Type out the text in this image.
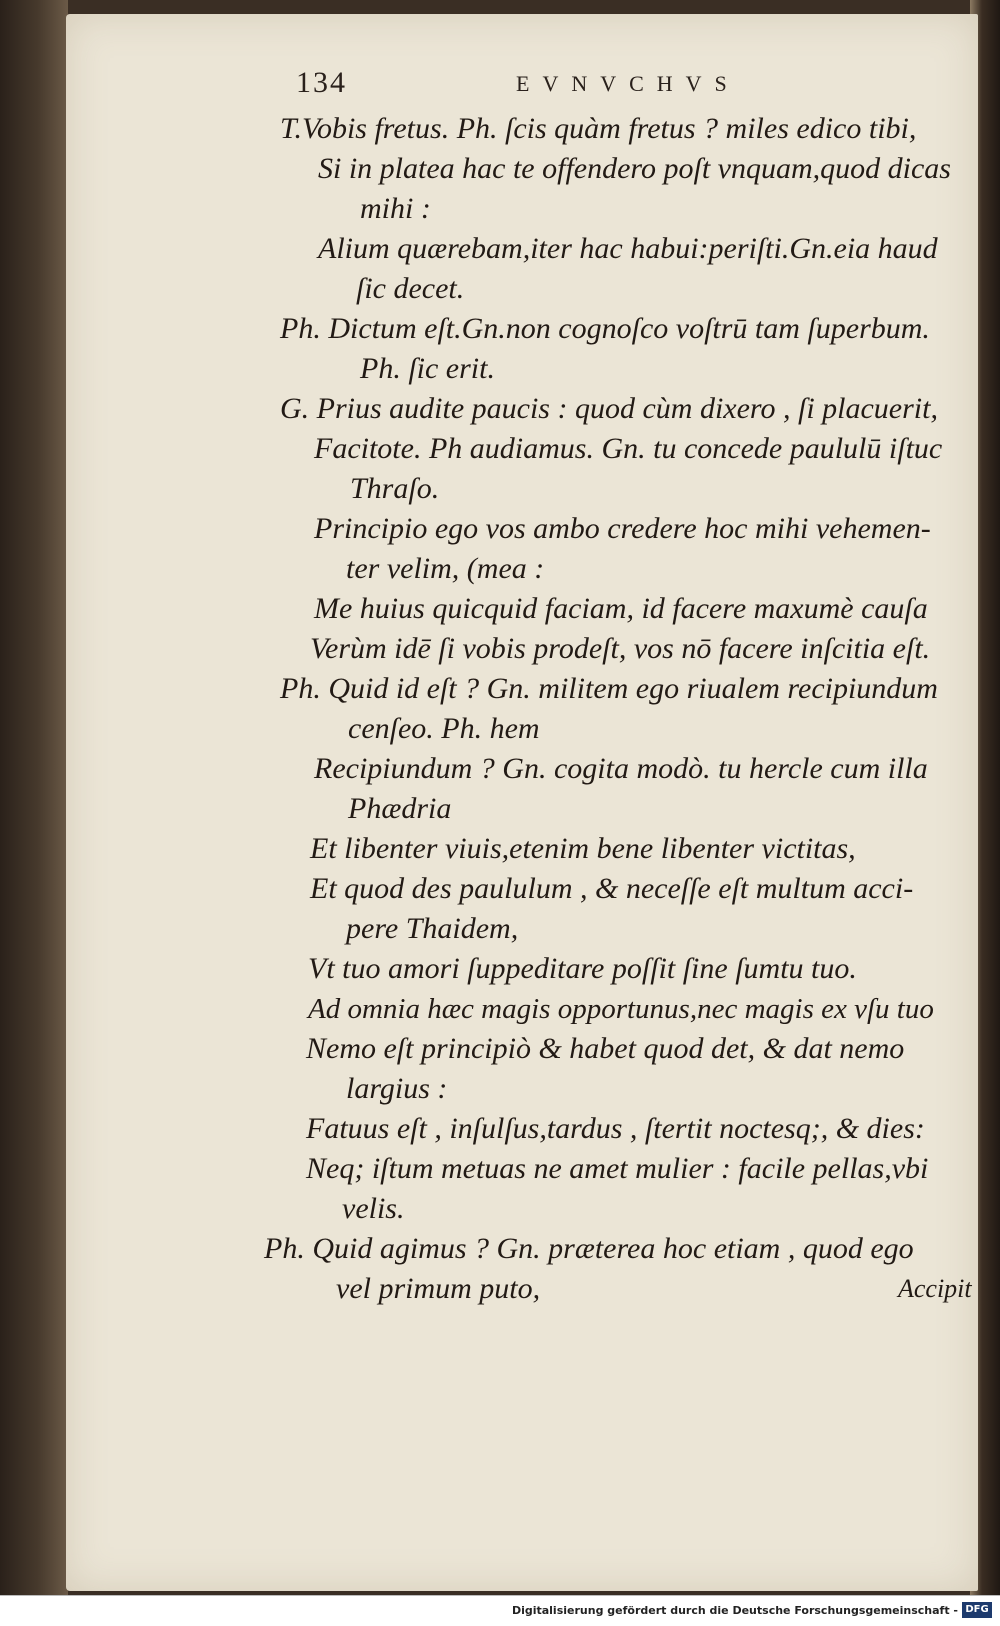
134	EVNVCHVS
T.Vobis fretus. Ph. ſcis quàm fretus ? miles edico tibi,
Si in platea hac te offendero poſt vnquam,quod dicas
mihi :
Alium quærebam,iter hac habui:periſti.Gn.eia haud
ſic decet.
Ph. Dictum eſt.Gn.non cognoſco voſtrū tam ſuperbum.
Ph. ſic erit.
G. Prius audite paucis : quod cùm dixero , ſi placuerit,
Facitote. Ph audiamus. Gn. tu concede paululū iſtuc
Thraſo.
Principio ego vos ambo credere hoc mihi vehemen-
ter velim, (mea :
Me huius quicquid faciam, id facere maxumè cauſa
Verùm idē ſi vobis prodeſt, vos nō facere inſcitia eſt.
Ph. Quid id eſt ? Gn. militem ego riualem recipiundum
cenſeo. Ph. hem
Recipiundum ? Gn. cogita modò. tu hercle cum illa
Phædria
Et libenter viuis,etenim bene libenter victitas,
Et quod des paululum , & neceſſe eſt multum acci-
pere Thaidem,
Vt tuo amori ſuppeditare poſſit ſine ſumtu tuo.
Ad omnia hæc magis opportunus,nec magis ex vſu tuo
Nemo eſt principiò & habet quod det, & dat nemo
largius :
Fatuus eſt , inſulſus,tardus , ſtertit noctesq;, & dies:
Neq; iſtum metuas ne amet mulier : facile pellas,vbi
velis.
Ph. Quid agimus ? Gn. præterea hoc etiam , quod ego
vel primum puto,	Accipit
Digitalisierung gefördert durch die Deutsche Forschungsgemeinschaft - DFG
